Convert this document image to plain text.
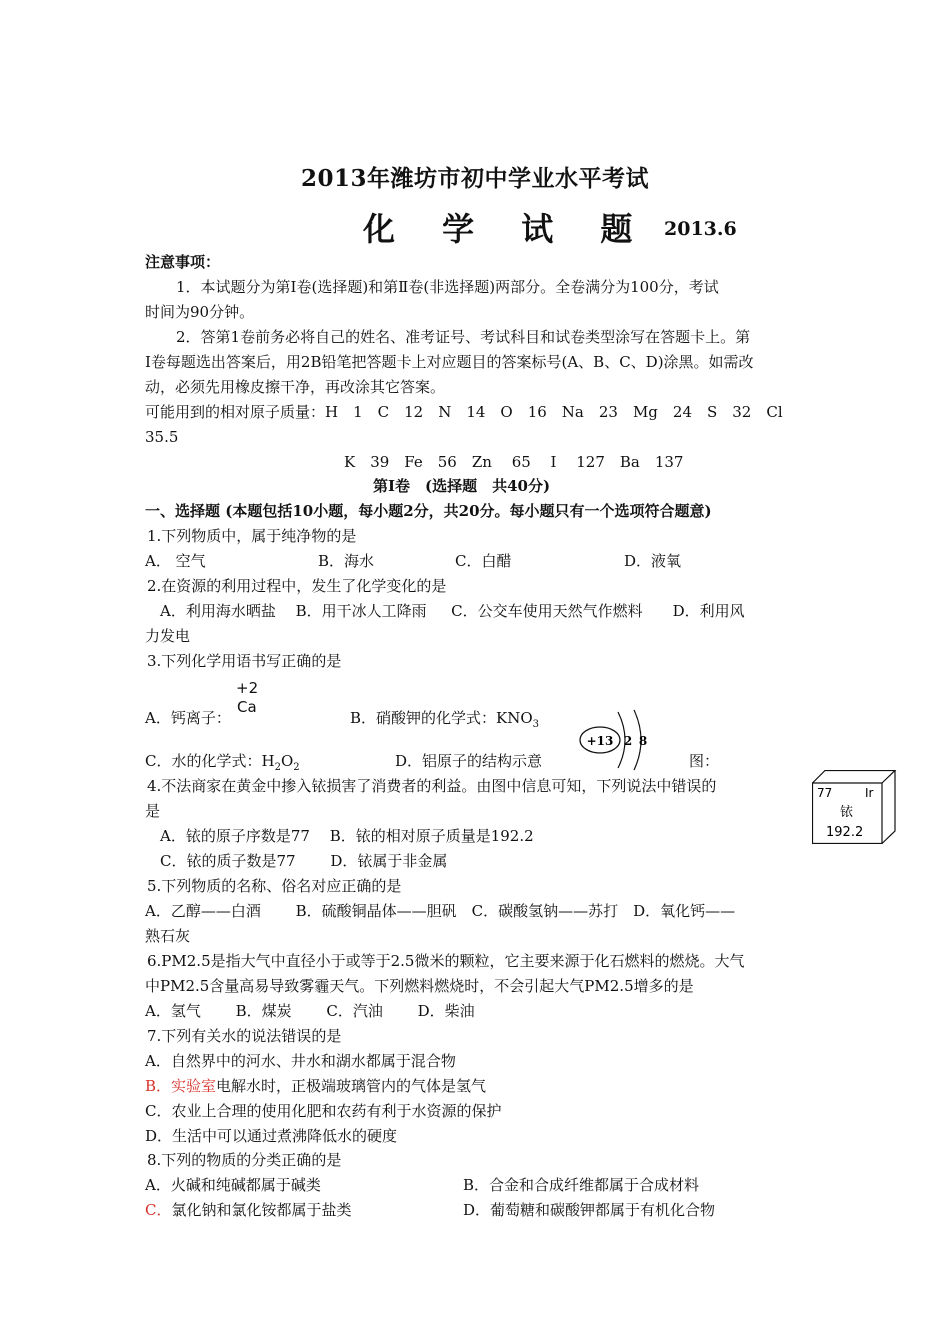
2013年潍坊市初中学业水平考试
化 学 试 题 2013.6
注意事项：
1．本试题分为第Ⅰ卷(选择题)和第Ⅱ卷(非选择题)两部分。全卷满分为100分，考试
时间为90分钟。
2．答第1卷前务必将自己的姓名、准考证号、考试科目和试卷类型涂写在答题卡上。第
Ⅰ卷每题选出答案后，用2B铅笔把答题卡上对应题目的答案标号(A、B、C、D)涂黑。如需改
动，必须先用橡皮擦干净，再改涂其它答案。
可能用到的相对原子质量：H　1　C　12　N　14　O　16　Na　23　Mg　24　S　32　Cl
35.5
K　39　Fe　56　Zn　 65　 I　 127　Ba　137
第Ⅰ卷　(选择题　共40分)
一、选择题 (本题包括10小题，每小题2分，共20分。每小题只有一个选项符合题意)
1.下列物质中，属于纯净物的是
A． 空气	B．海水	C．白醋	D．液氧
2.在资源的利用过程中，发生了化学变化的是
A．利用海水晒盐　 B．用干冰人工降雨 　 C．公交车使用天然气作燃料　　D．利用风
力发电
3.下列化学用语书写正确的是
+2
Ca
A．钙离子：	B．硝酸钾的化学式：$KNO_3$
C．水的化学式：$H_2O_2$	D．铝原子的结构示意
+13 2 8
图：
4.不法商家在黄金中掺入铱损害了消费者的利益。由图中信息可知，下列说法中错误的
是
A．铱的原子序数是77　 B．铱的相对原子质量是192.2
C．铱的质子数是77　　 D．铱属于非金属
77	Ir
铱
192.2
5.下列物质的名称、俗名对应正确的是
A．乙醇——白酒　　 B．硫酸铜晶体——胆矾　C．碳酸氢钠——苏打　D．氧化钙——
熟石灰
6.PM2.5是指大气中直径小于或等于2.5微米的颗粒，它主要来源于化石燃料的燃烧。大气
中PM2.5含量高易导致雾霾天气。下列燃料燃烧时，不会引起大气PM2.5增多的是
A．氢气　　 B．煤炭　　 C．汽油　　 D．柴油
7.下列有关水的说法错误的是
A．自然界中的河水、井水和湖水都属于混合物
B．实验室电解水时，正极端玻璃管内的气体是氢气
C．农业上合理的使用化肥和农药有利于水资源的保护
D．生活中可以通过煮沸降低水的硬度
8.下列的物质的分类正确的是
A．火碱和纯碱都属于碱类	B．合金和合成纤维都属于合成材料
C．氯化钠和氯化铵都属于盐类	D．葡萄糖和碳酸钾都属于有机化合物
